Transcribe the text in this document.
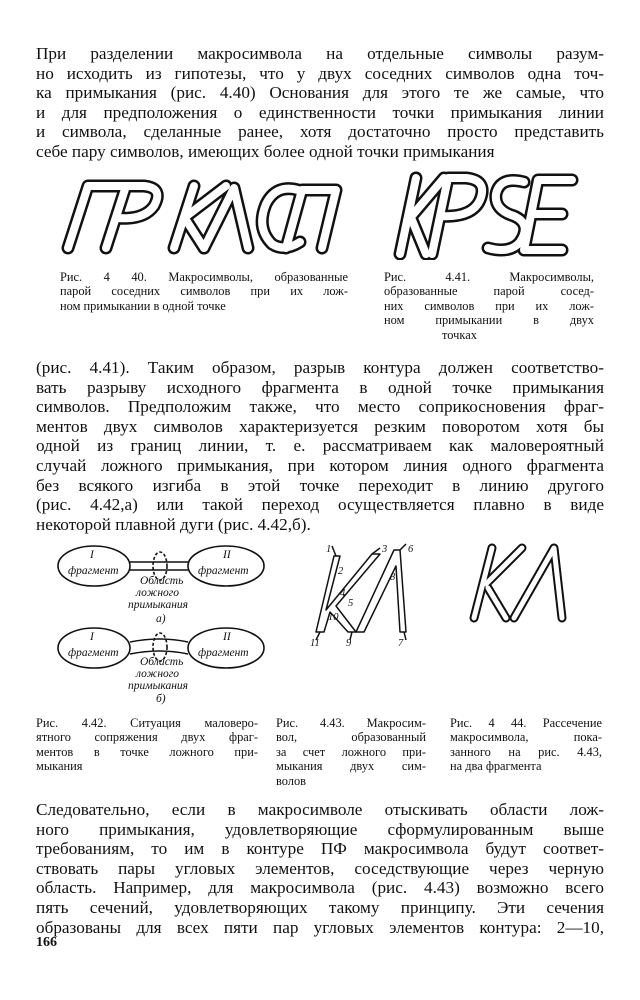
При разделении макросимвола на отдельные символы разум-
но исходить из гипотезы, что у двух соседних символов одна точ-
ка примыкания (рис. 4.40) Основания для этого те же самые, что
и для предположения о единственности точки примыкания линии
и символа, сделанные ранее, хотя достаточно просто представить
себе пару символов, имеющих более одной точки примыкания
Рис. 4 40. Макросимволы, образованные
парой соседних символов при их лож-
ном примыкании в одной точке
Рис. 4.41. Макросимволы,
образованные парой сосед-
них символов при их лож-
ном примыкании в двух
точках
(рис. 4.41). Таким образом, разрыв контура должен соответство-
вать разрыву исходного фрагмента в одной точке примыкания
символов. Предположим также, что место соприкосновения фраг-
ментов двух символов характеризуется резким поворотом хотя бы
одной из границ линии, т. е. рассматриваем как маловероятный
случай ложного примыкания, при котором линия одного фрагмента
без всякого изгиба в этой точке переходит в линию другого
(рис. 4.42,а) или такой переход осуществляется плавно в виде
некоторой плавной дуги (рис. 4.42,б).
I
фрагмент
II
фрагмент
Область
ложного
примыкания
а)
I
фрагмент
II
фрагмент
Область
ложного
примыкания
б)
1
2
3
4
5
6
7
8
9
10
11
Рис. 4.42. Ситуация маловеро-
ятного сопряжения двух фраг-
ментов в точке ложного при-
мыкания
Рис. 4.43. Макросим-
вол, образованный
за счет ложного при-
мыкания двух сим-
волов
Рис. 4 44. Рассечение
макросимвола, пока-
занного на рис. 4.43,
на два фрагмента
Следовательно, если в макросимволе отыскивать области лож-
ного примыкания, удовлетворяющие сформулированным выше
требованиям, то им в контуре ПФ макросимвола будут соответ-
ствовать пары угловых элементов, соседствующие через черную
область. Например, для макросимвола (рис. 4.43) возможно всего
пять сечений, удовлетворяющих такому принципу. Эти сечения
образованы для всех пяти пар угловых элементов контура: 2—10,
166
